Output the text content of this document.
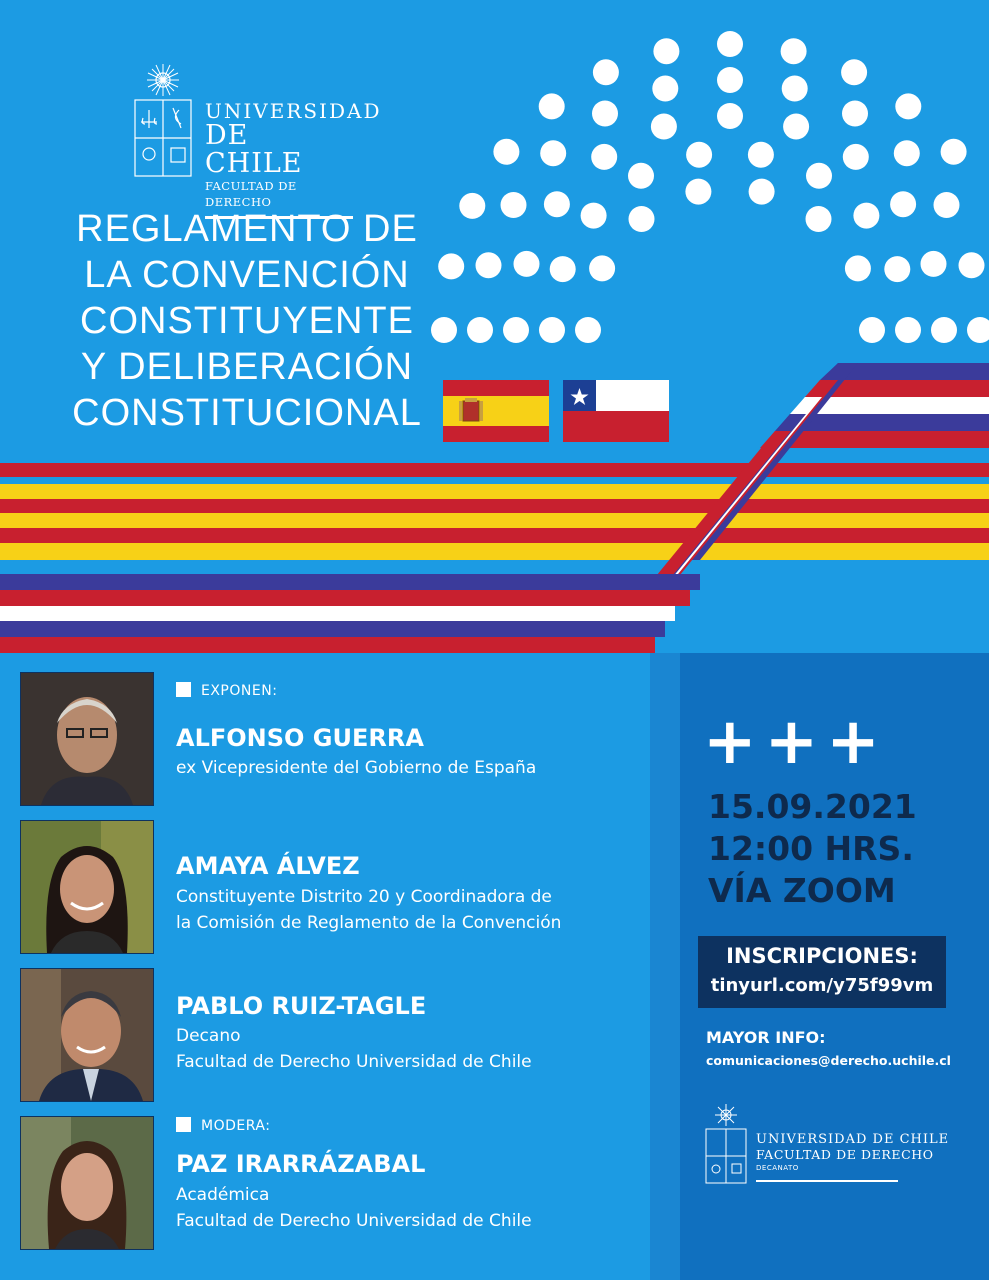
UNIVERSIDAD
DE CHILE
FACULTAD DE DERECHO
REGLAMENTO DE
LA CONVENCIÓN
CONSTITUYENTE
Y DELIBERACIÓN
CONSTITUCIONAL
EXPONEN:
ALFONSO GUERRA
ex Vicepresidente del Gobierno de España
AMAYA ÁLVEZ
Constituyente Distrito 20 y Coordinadora de
la Comisión de Reglamento de la Convención
PABLO RUIZ-TAGLE
Decano
Facultad de Derecho Universidad de Chile
MODERA:
PAZ IRARRÁZABAL
Académica
Facultad de Derecho Universidad de Chile
+++
15.09.2021
12:00 HRS.
VÍA ZOOM
INSCRIPCIONES:
tinyurl.com/y75f99vm
MAYOR INFO:
comunicaciones@derecho.uchile.cl
UNIVERSIDAD DE CHILE
FACULTAD DE DERECHO
DECANATO
